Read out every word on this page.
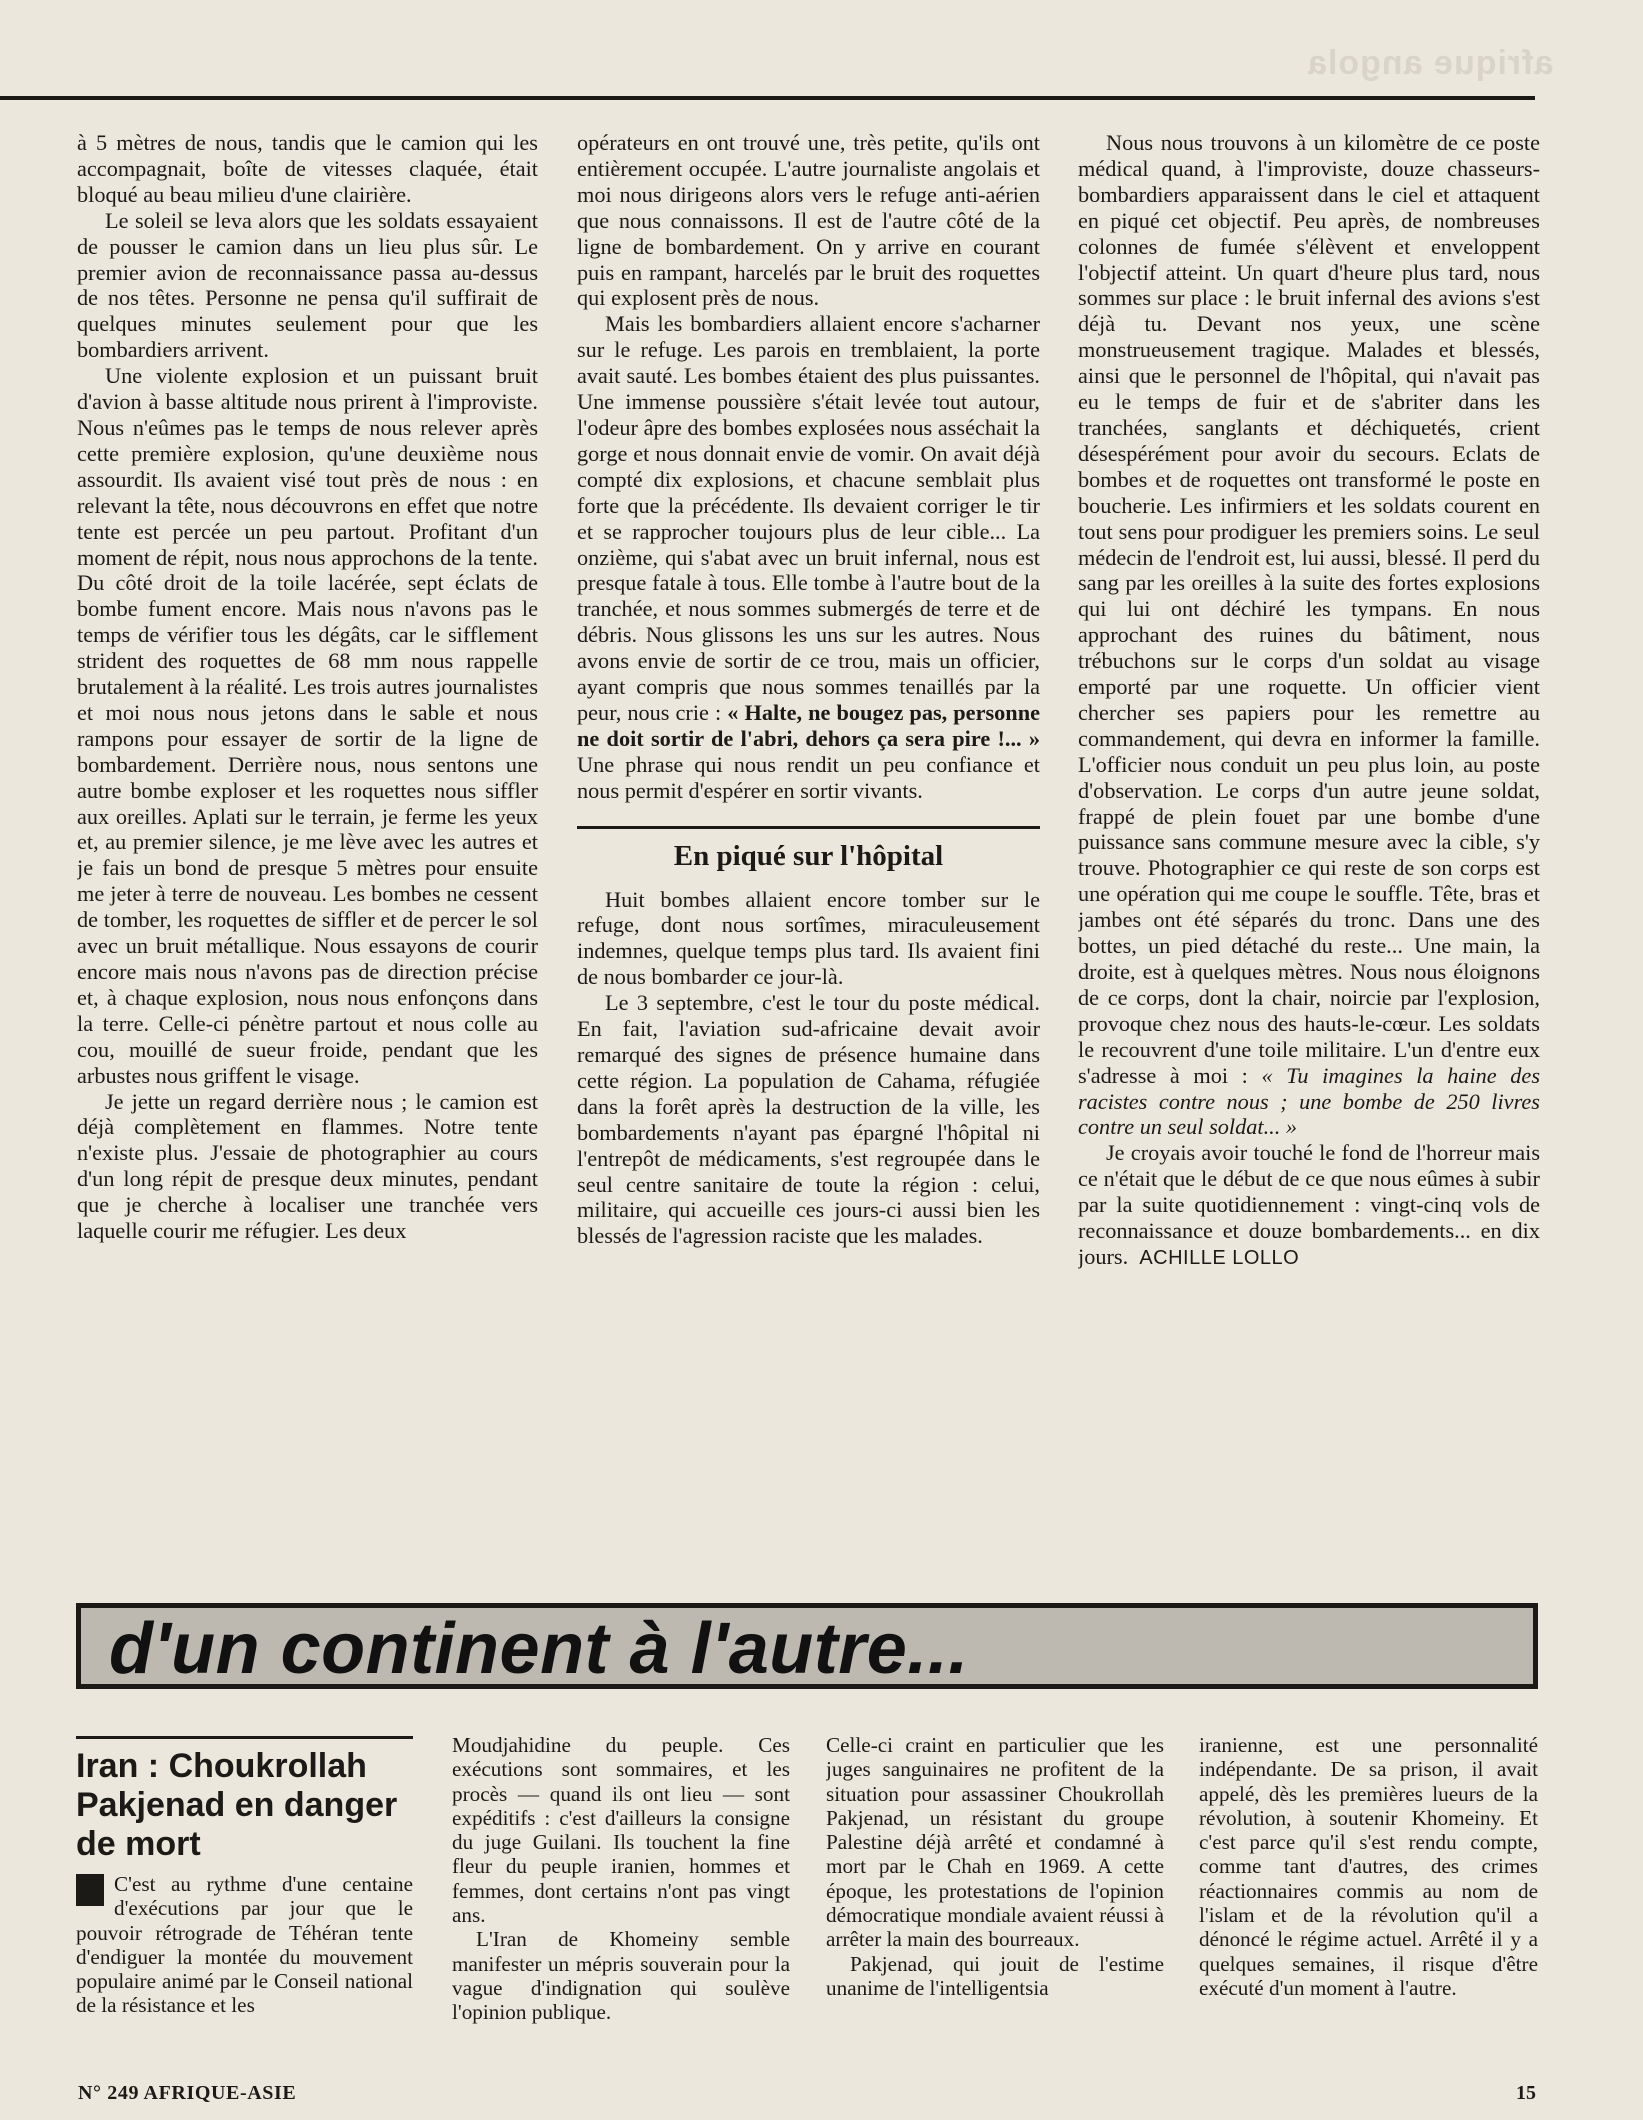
afrique angola

à 5 mètres de nous, tandis que le camion qui les accompagnait, boîte de vitesses claquée, était bloqué au beau milieu d'une clairière.

Le soleil se leva alors que les soldats essayaient de pousser le camion dans un lieu plus sûr. Le premier avion de reconnaissance passa au-dessus de nos têtes. Personne ne pensa qu'il suffirait de quelques minutes seulement pour que les bombardiers arrivent.

Une violente explosion et un puissant bruit d'avion à basse altitude nous prirent à l'improviste. Nous n'eûmes pas le temps de nous relever après cette première explosion, qu'une deuxième nous assourdit. Ils avaient visé tout près de nous : en relevant la tête, nous découvrons en effet que notre tente est percée un peu partout. Profitant d'un moment de répit, nous nous approchons de la tente. Du côté droit de la toile lacérée, sept éclats de bombe fument encore. Mais nous n'avons pas le temps de vérifier tous les dégâts, car le sifflement strident des roquettes de 68 mm nous rappelle brutalement à la réalité. Les trois autres journalistes et moi nous nous jetons dans le sable et nous rampons pour essayer de sortir de la ligne de bombardement. Derrière nous, nous sentons une autre bombe exploser et les roquettes nous siffler aux oreilles. Aplati sur le terrain, je ferme les yeux et, au premier silence, je me lève avec les autres et je fais un bond de presque 5 mètres pour ensuite me jeter à terre de nouveau. Les bombes ne cessent de tomber, les roquettes de siffler et de percer le sol avec un bruit métallique. Nous essayons de courir encore mais nous n'avons pas de direction précise et, à chaque explosion, nous nous enfonçons dans la terre. Celle-ci pénètre partout et nous colle au cou, mouillé de sueur froide, pendant que les arbustes nous griffent le visage.

Je jette un regard derrière nous ; le camion est déjà complètement en flammes. Notre tente n'existe plus. J'essaie de photographier au cours d'un long répit de presque deux minutes, pendant que je cherche à localiser une tranchée vers laquelle courir me réfugier. Les deux

opérateurs en ont trouvé une, très petite, qu'ils ont entièrement occupée. L'autre journaliste angolais et moi nous dirigeons alors vers le refuge anti-aérien que nous connaissons. Il est de l'autre côté de la ligne de bombardement. On y arrive en courant puis en rampant, harcelés par le bruit des roquettes qui explosent près de nous.

Mais les bombardiers allaient encore s'acharner sur le refuge. Les parois en tremblaient, la porte avait sauté. Les bombes étaient des plus puissantes. Une immense poussière s'était levée tout autour, l'odeur âpre des bombes explosées nous asséchait la gorge et nous donnait envie de vomir. On avait déjà compté dix explosions, et chacune semblait plus forte que la précédente. Ils devaient corriger le tir et se rapprocher toujours plus de leur cible... La onzième, qui s'abat avec un bruit infernal, nous est presque fatale à tous. Elle tombe à l'autre bout de la tranchée, et nous sommes submergés de terre et de débris. Nous glissons les uns sur les autres. Nous avons envie de sortir de ce trou, mais un officier, ayant compris que nous sommes tenaillés par la peur, nous crie : « Halte, ne bougez pas, personne ne doit sortir de l'abri, dehors ça sera pire !... » Une phrase qui nous rendit un peu confiance et nous permit d'espérer en sortir vivants.

En piqué sur l'hôpital

Huit bombes allaient encore tomber sur le refuge, dont nous sortîmes, miraculeusement indemnes, quelque temps plus tard. Ils avaient fini de nous bombarder ce jour-là.

Le 3 septembre, c'est le tour du poste médical. En fait, l'aviation sud-africaine devait avoir remarqué des signes de présence humaine dans cette région. La population de Cahama, réfugiée dans la forêt après la destruction de la ville, les bombardements n'ayant pas épargné l'hôpital ni l'entrepôt de médicaments, s'est regroupée dans le seul centre sanitaire de toute la région : celui, militaire, qui accueille ces jours-ci aussi bien les blessés de l'agression raciste que les malades.

Nous nous trouvons à un kilomètre de ce poste médical quand, à l'improviste, douze chasseurs-bombardiers apparaissent dans le ciel et attaquent en piqué cet objectif. Peu après, de nombreuses colonnes de fumée s'élèvent et enveloppent l'objectif atteint. Un quart d'heure plus tard, nous sommes sur place : le bruit infernal des avions s'est déjà tu. Devant nos yeux, une scène monstrueusement tragique. Malades et blessés, ainsi que le personnel de l'hôpital, qui n'avait pas eu le temps de fuir et de s'abriter dans les tranchées, sanglants et déchiquetés, crient désespérément pour avoir du secours. Eclats de bombes et de roquettes ont transformé le poste en boucherie. Les infirmiers et les soldats courent en tout sens pour prodiguer les premiers soins. Le seul médecin de l'endroit est, lui aussi, blessé. Il perd du sang par les oreilles à la suite des fortes explosions qui lui ont déchiré les tympans. En nous approchant des ruines du bâtiment, nous trébuchons sur le corps d'un soldat au visage emporté par une roquette. Un officier vient chercher ses papiers pour les remettre au commandement, qui devra en informer la famille. L'officier nous conduit un peu plus loin, au poste d'observation. Le corps d'un autre jeune soldat, frappé de plein fouet par une bombe d'une puissance sans commune mesure avec la cible, s'y trouve. Photographier ce qui reste de son corps est une opération qui me coupe le souffle. Tête, bras et jambes ont été séparés du tronc. Dans une des bottes, un pied détaché du reste... Une main, la droite, est à quelques mètres. Nous nous éloignons de ce corps, dont la chair, noircie par l'explosion, provoque chez nous des hauts-le-cœur. Les soldats le recouvrent d'une toile militaire. L'un d'entre eux s'adresse à moi : « Tu imagines la haine des racistes contre nous ; une bombe de 250 livres contre un seul soldat... »

Je croyais avoir touché le fond de l'horreur mais ce n'était que le début de ce que nous eûmes à subir par la suite quotidiennement : vingt-cinq vols de reconnaissance et douze bombardements... en dix jours. ACHILLE LOLLO

d'un continent à l'autre...
Iran : Choukrollah Pakjenad en danger de mort

C'est au rythme d'une centaine d'exécutions par jour que le pouvoir rétrograde de Téhéran tente d'endiguer la montée du mouvement populaire animé par le Conseil national de la résistance et les

Moudjahidine du peuple. Ces exécutions sont sommaires, et les procès — quand ils ont lieu — sont expéditifs : c'est d'ailleurs la consigne du juge Guilani. Ils touchent la fine fleur du peuple iranien, hommes et femmes, dont certains n'ont pas vingt ans.

L'Iran de Khomeiny semble manifester un mépris souverain pour la vague d'indignation qui soulève l'opinion publique.

Celle-ci craint en particulier que les juges sanguinaires ne profitent de la situation pour assassiner Choukrollah Pakjenad, un résistant du groupe Palestine déjà arrêté et condamné à mort par le Chah en 1969. A cette époque, les protestations de l'opinion démocratique mondiale avaient réussi à arrêter la main des bourreaux.

Pakjenad, qui jouit de l'estime unanime de l'intelligentsia

iranienne, est une personnalité indépendante. De sa prison, il avait appelé, dès les premières lueurs de la révolution, à soutenir Khomeiny. Et c'est parce qu'il s'est rendu compte, comme tant d'autres, des crimes réactionnaires commis au nom de l'islam et de la révolution qu'il a dénoncé le régime actuel. Arrêté il y a quelques semaines, il risque d'être exécuté d'un moment à l'autre.

N° 249 AFRIQUE-ASIE	15
